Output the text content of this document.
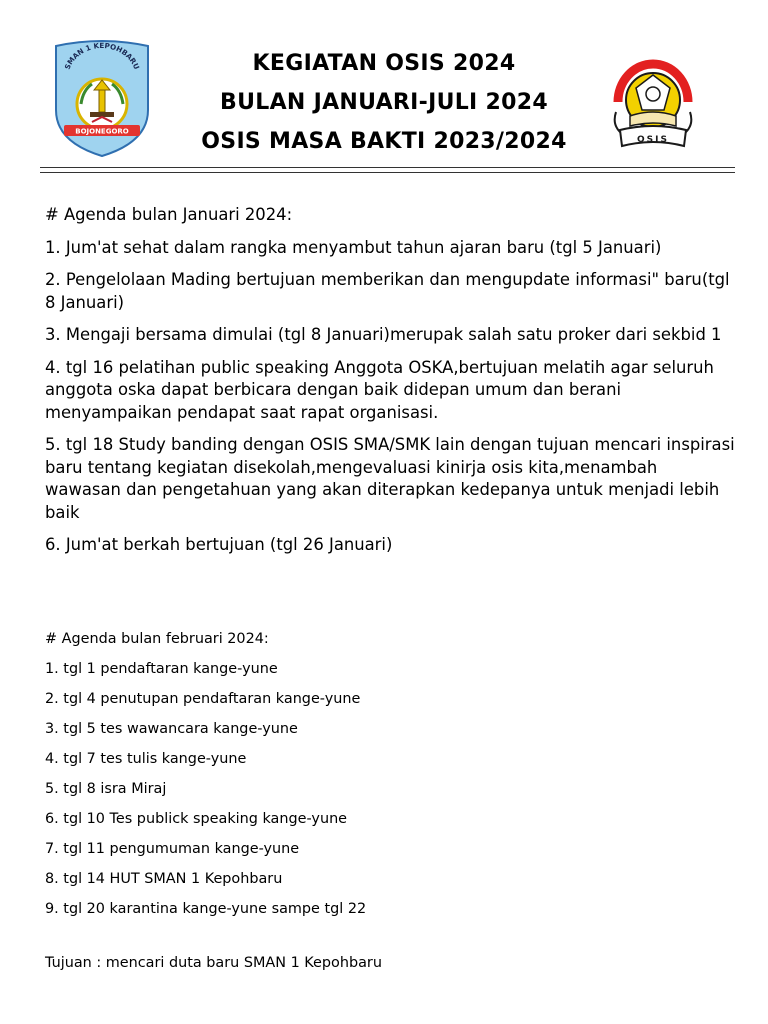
SMAN 1 KEPOHBARU
BOJONEGORO
KEGIATAN OSIS 2024
BULAN JANUARI-JULI 2024
OSIS MASA BAKTI 2023/2024	OSIS

# Agenda bulan Januari 2024:

1. Jum'at sehat dalam rangka menyambut tahun ajaran baru (tgl 5 Januari)

2. Pengelolaan Mading bertujuan memberikan dan mengupdate informasi" baru(tgl 8 Januari)

3. Mengaji bersama dimulai (tgl 8 Januari)merupak salah satu proker dari sekbid 1

4. tgl 16 pelatihan public speaking Anggota OSKA,bertujuan melatih agar seluruh anggota oska dapat berbicara dengan baik didepan umum dan berani menyampaikan pendapat saat rapat organisasi.

5. tgl 18 Study banding dengan OSIS SMA/SMK lain dengan tujuan mencari inspirasi baru tentang kegiatan disekolah,mengevaluasi kinirja osis kita,menambah wawasan dan pengetahuan yang akan diterapkan kedepanya untuk menjadi lebih baik

6. Jum'at berkah bertujuan (tgl 26 Januari)

# Agenda bulan februari 2024:

1. tgl 1 pendaftaran kange-yune

2. tgl 4 penutupan pendaftaran kange-yune

3. tgl 5 tes wawancara kange-yune

4. tgl 7 tes tulis kange-yune

5. tgl 8 isra Miraj

6. tgl 10 Tes publick speaking kange-yune

7. tgl 11 pengumuman kange-yune

8. tgl 14 HUT SMAN 1 Kepohbaru

9. tgl 20 karantina kange-yune sampe tgl 22

Tujuan : mencari duta baru SMAN 1 Kepohbaru
